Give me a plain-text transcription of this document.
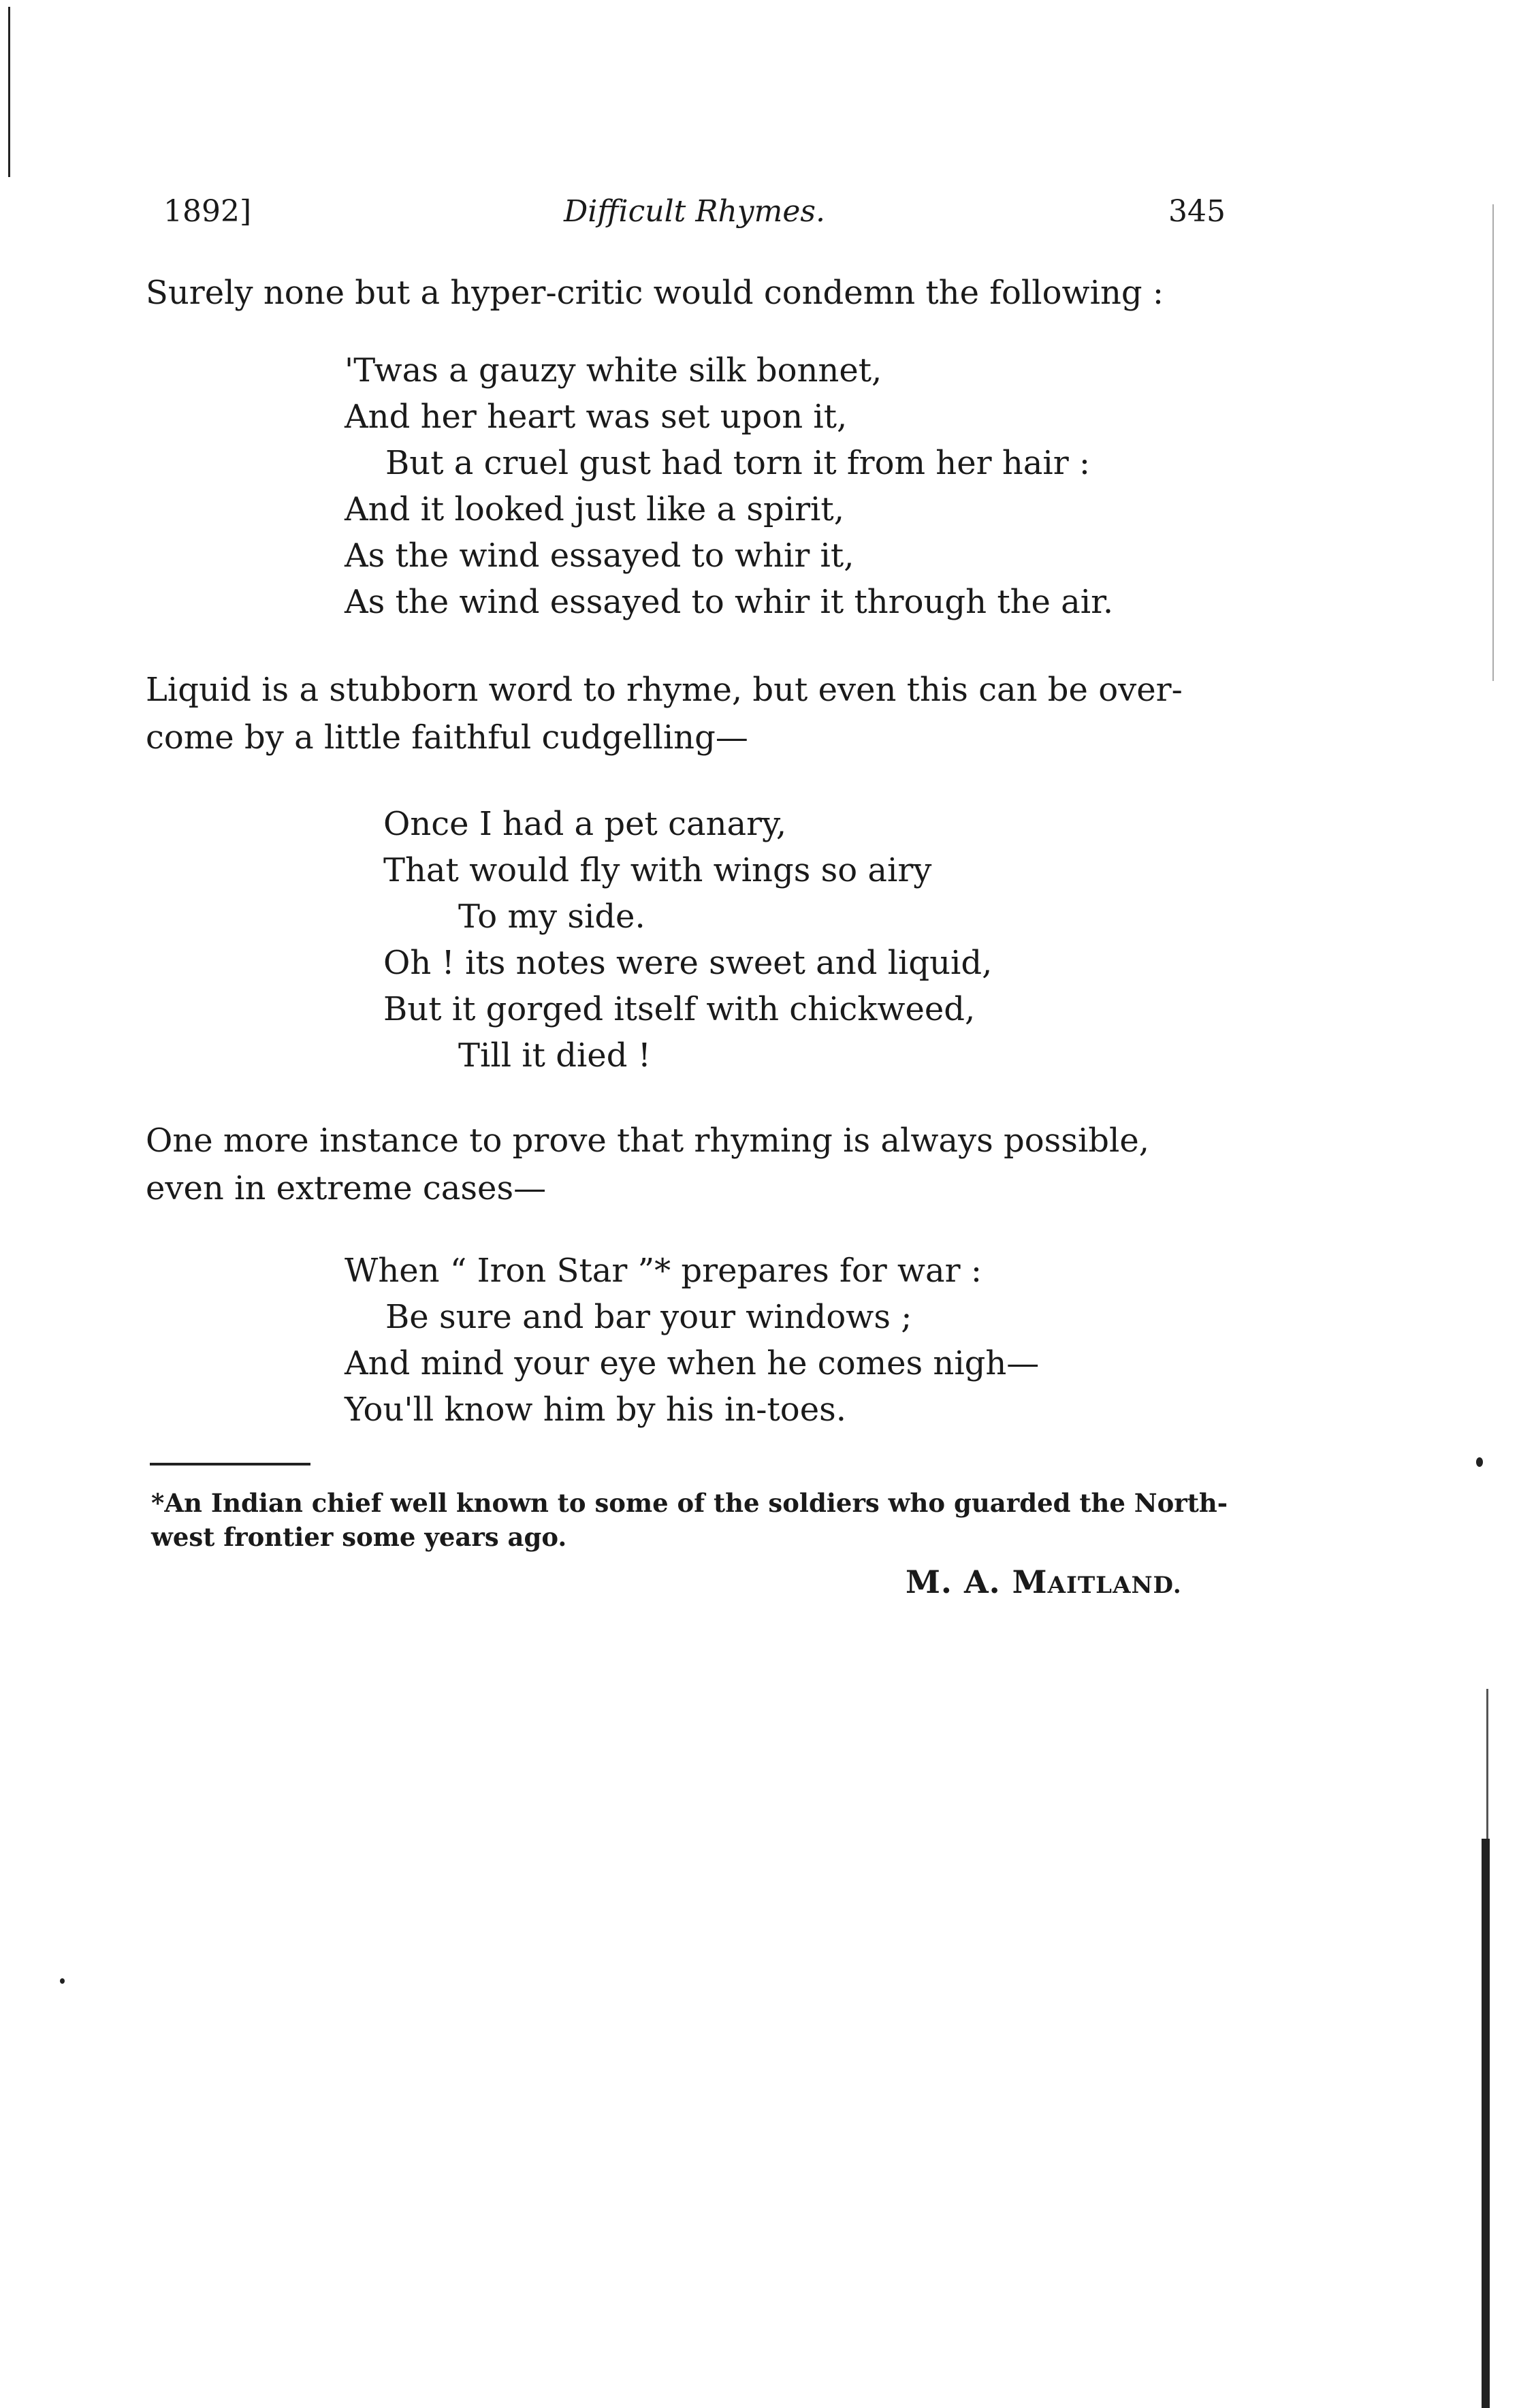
1892]	Difficult Rhymes.	345
Surely none but a hyper-critic would condemn the following :
'Twas a gauzy white silk bonnet,
And her heart was set upon it,
But a cruel gust had torn it from her hair :
And it looked just like a spirit,
As the wind essayed to whir it,
As the wind essayed to whir it through the air.
Liquid is a stubborn word to rhyme, but even this can be over-
come by a little faithful cudgelling—
Once I had a pet canary,
That would fly with wings so airy
To my side.
Oh ! its notes were sweet and liquid,
But it gorged itself with chickweed,
Till it died !
One more instance to prove that rhyming is always possible,
even in extreme cases—
When “ Iron Star ”* prepares for war :
Be sure and bar your windows ;
And mind your eye when he comes nigh—
You'll know him by his in-toes.
*An Indian chief well known to some of the soldiers who guarded the North-
west frontier some years ago.
M. A. MAITLAND.
